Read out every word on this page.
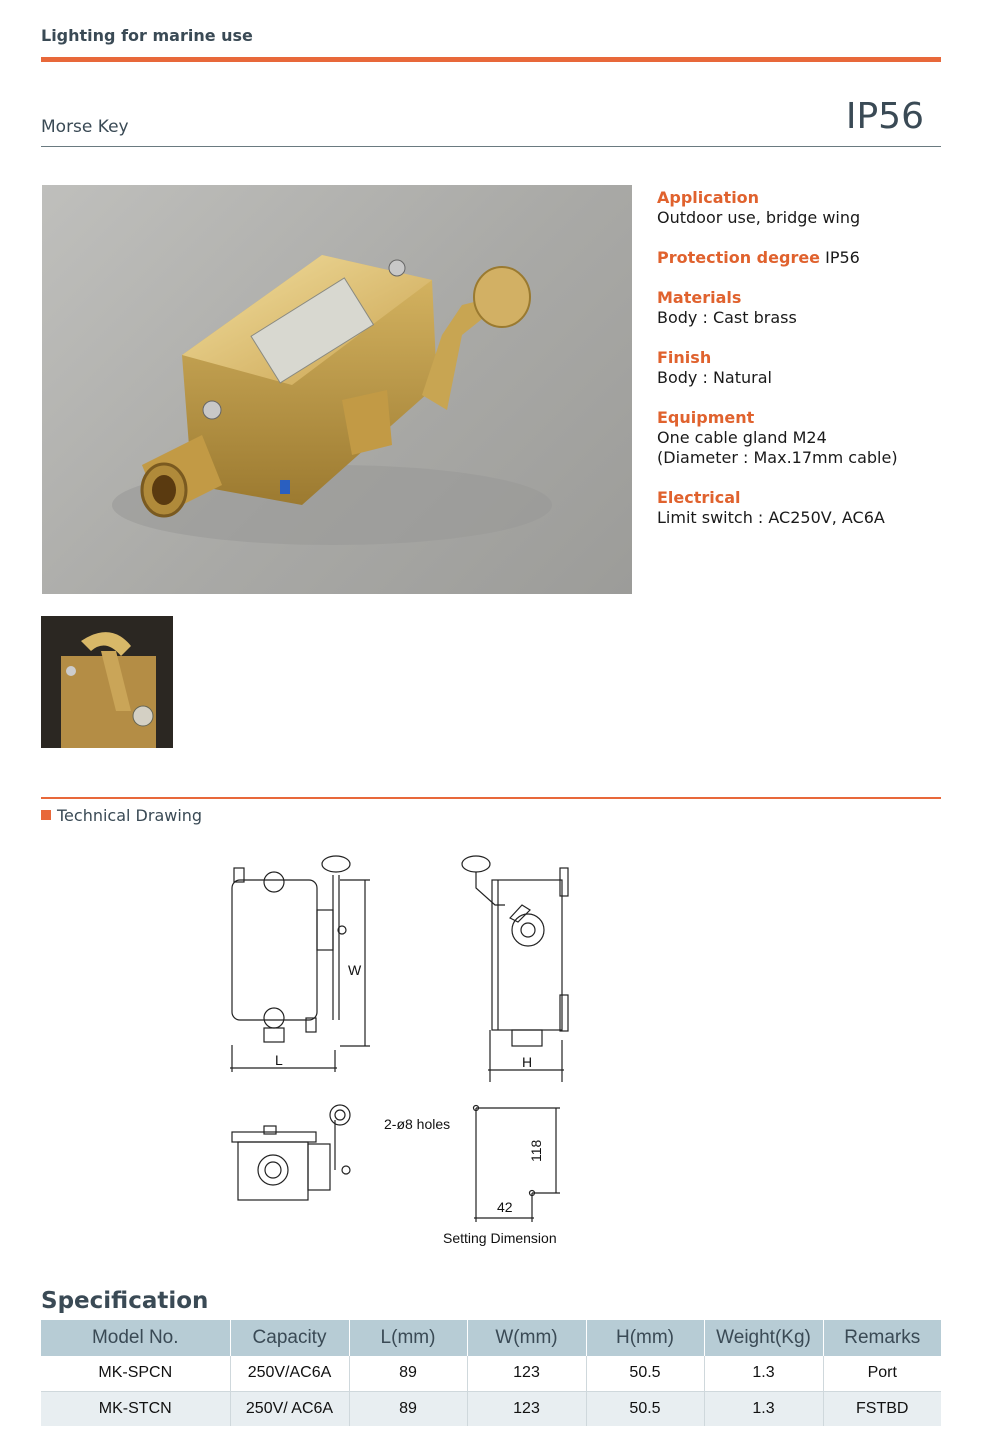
Lighting for marine use
Morse Key	IP56
Application
Outdoor use, bridge wing
Protection degree IP56
Materials
Body : Cast brass
Finish
Body : Natural
Equipment
One cable gland M24
(Diameter : Max.17mm cable)
Electrical
Limit switch : AC250V, AC6A
Technical Drawing
W
L	H
2-ø8 holes
118
42
Setting Dimension
Specification
Model No.	Capacity	L(mm)	W(mm)	H(mm)	Weight(Kg)	Remarks
MK-SPCN	250V/AC6A	89	123	50.5	1.3	Port
MK-STCN	250V/ AC6A	89	123	50.5	1.3	FSTBD
